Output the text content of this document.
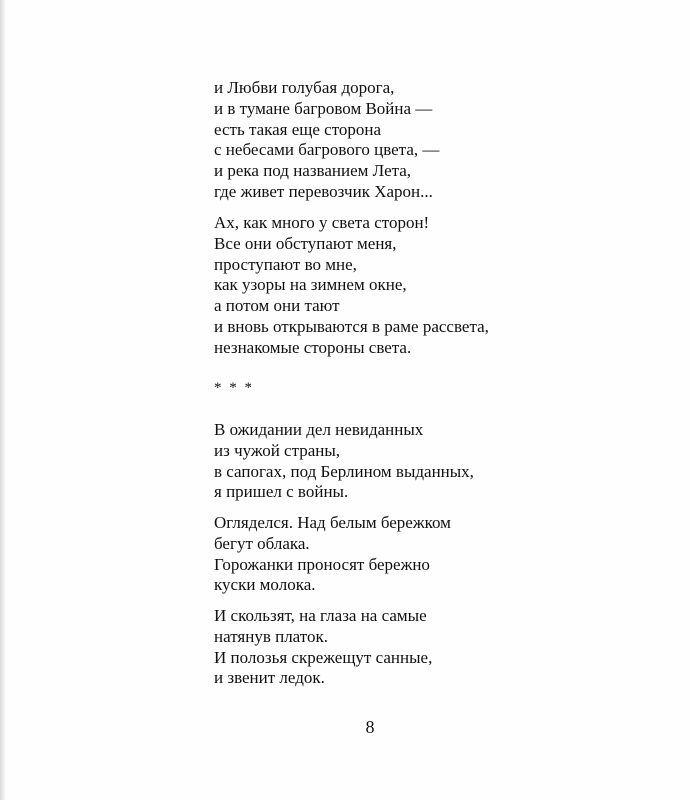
и Любви голубая дорога,
и в тумане багровом Война —
есть такая еще сторона
с небесами багрового цвета, —
и река под названием Лета,
где живет перевозчик Харон...
Ах, как много у света сторон!
Все они обступают меня,
проступают во мне,
как узоры на зимнем окне,
а потом они тают
и вновь открываются в раме рассвета,
незнакомые стороны света.
* * *
В ожидании дел невиданных
из чужой страны,
в сапогах, под Берлином выданных,
я пришел с войны.
Огляделся. Над белым бережком
бегут облака.
Горожанки проносят бережно
куски молока.
И скользят, на глаза на самые
натянув платок.
И полозья скрежещут санные,
и звенит ледок.
8
